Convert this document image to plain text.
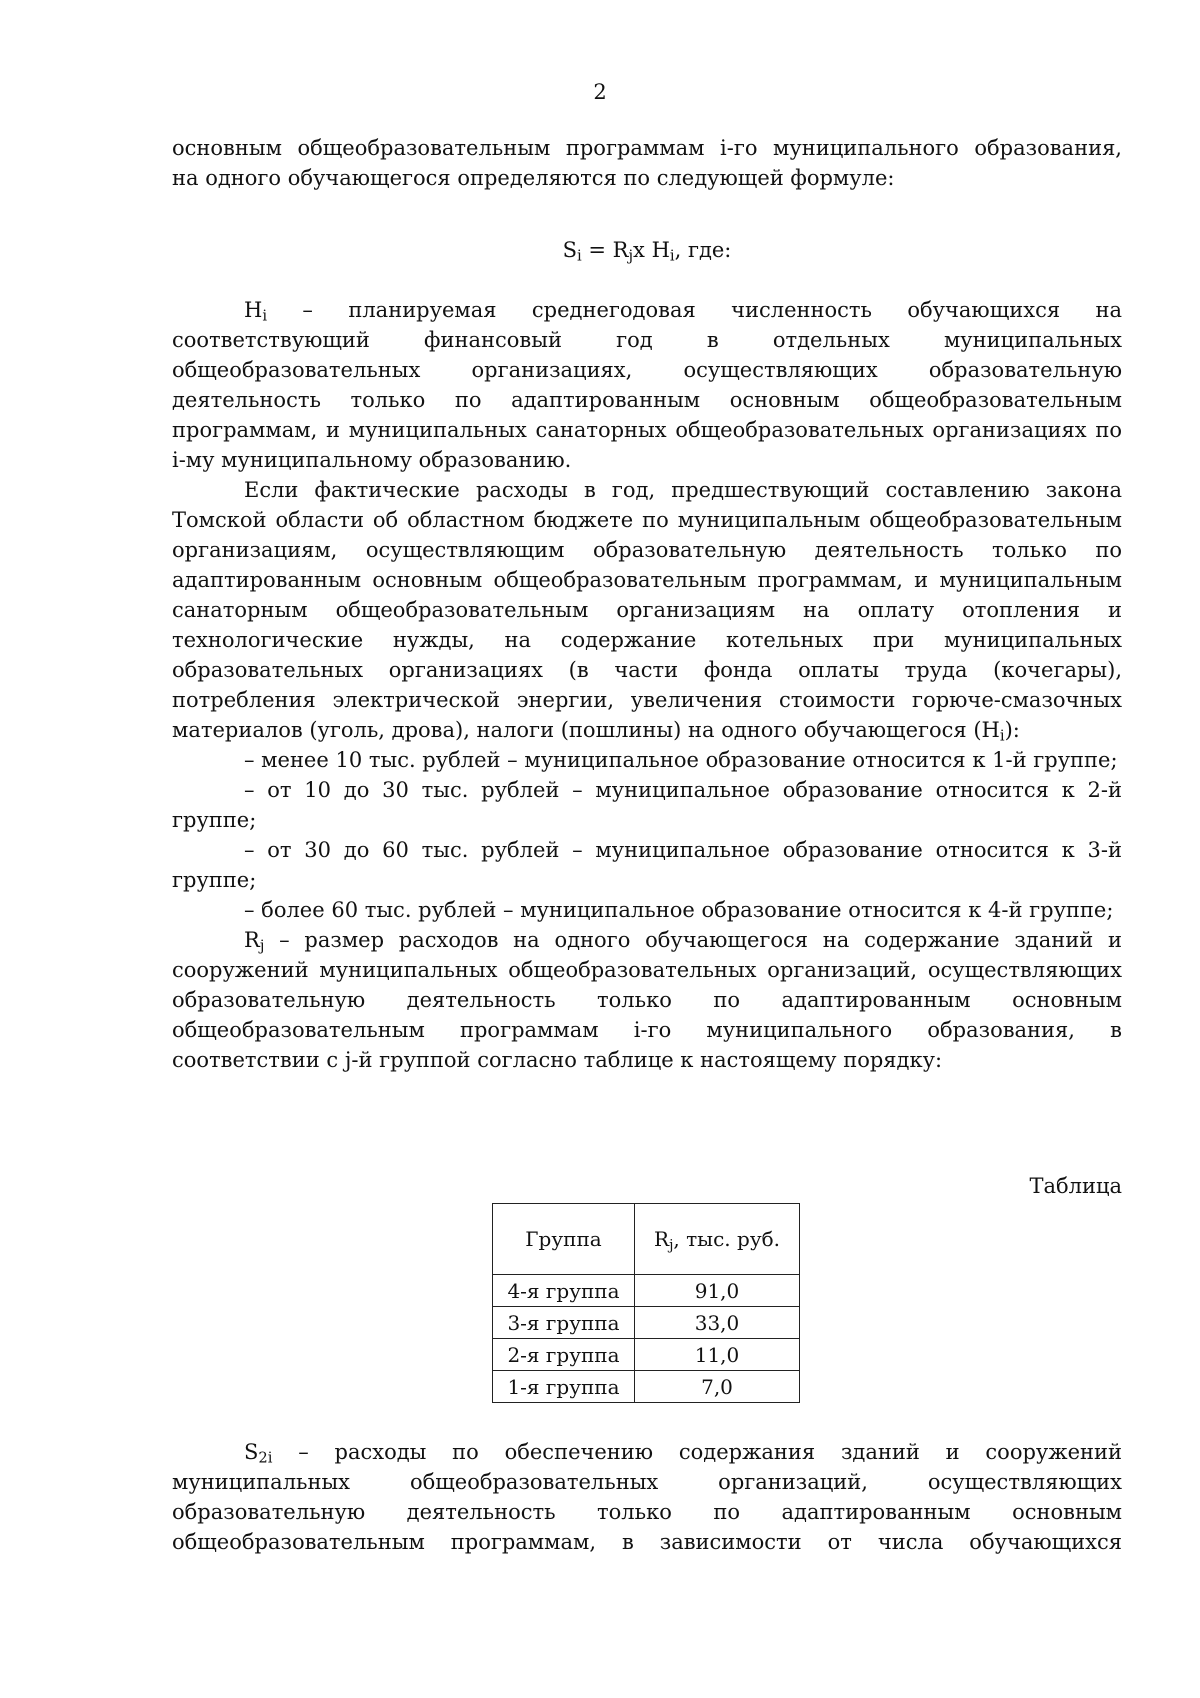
2

основным общеобразовательным программам i-го муниципального образования,

на одного обучающегося определяются по следующей формуле:

$S_i = R_jх$ $H_i$, где:

$H_i$ – планируемая среднегодовая численность обучающихся на соответствующий финансовый год в отдельных муниципальных общеобразовательных организациях, осуществляющих образовательную деятельность только по адаптированным основным общеобразовательным программам, и муниципальных санаторных общеобразовательных организациях по i-му муниципальному образованию.

Если фактические расходы в год, предшествующий составлению закона Томской области об областном бюджете по муниципальным общеобразовательным организациям, осуществляющим образовательную деятельность только по адаптированным основным общеобразовательным программам, и муниципальным санаторным общеобразовательным организациям на оплату отопления и технологические нужды, на содержание котельных при муниципальных образовательных организациях (в части фонда оплаты труда (кочегары), потребления электрической энергии, увеличения стоимости горюче-смазочных материалов (уголь, дрова), налоги (пошлины) на одного обучающегося $(H_i)$:

– менее 10 тыс. рублей – муниципальное образование относится к 1-й группе;

– от 10 до 30 тыс. рублей – муниципальное образование относится к 2-й группе;

– от 30 до 60 тыс. рублей – муниципальное образование относится к 3-й группе;

– более 60 тыс. рублей – муниципальное образование относится к 4-й группе;

$R_j$ – размер расходов на одного обучающегося на содержание зданий и сооружений муниципальных общеобразовательных организаций, осуществляющих образовательную деятельность только по адаптированным основным общеобразовательным программам i-го муниципального образования, в соответствии с j-й группой согласно таблице к настоящему порядку:

Таблица
Группа	$R_j$, тыс. руб.
4-я группа	91,0
3-я группа	33,0
2-я группа	11,0
1-я группа	7,0

$S_{2i}$ – расходы по обеспечению содержания зданий и сооружений муниципальных общеобразовательных организаций, осуществляющих образовательную деятельность только по адаптированным основным общеобразовательным программам, в зависимости от числа обучающихся
